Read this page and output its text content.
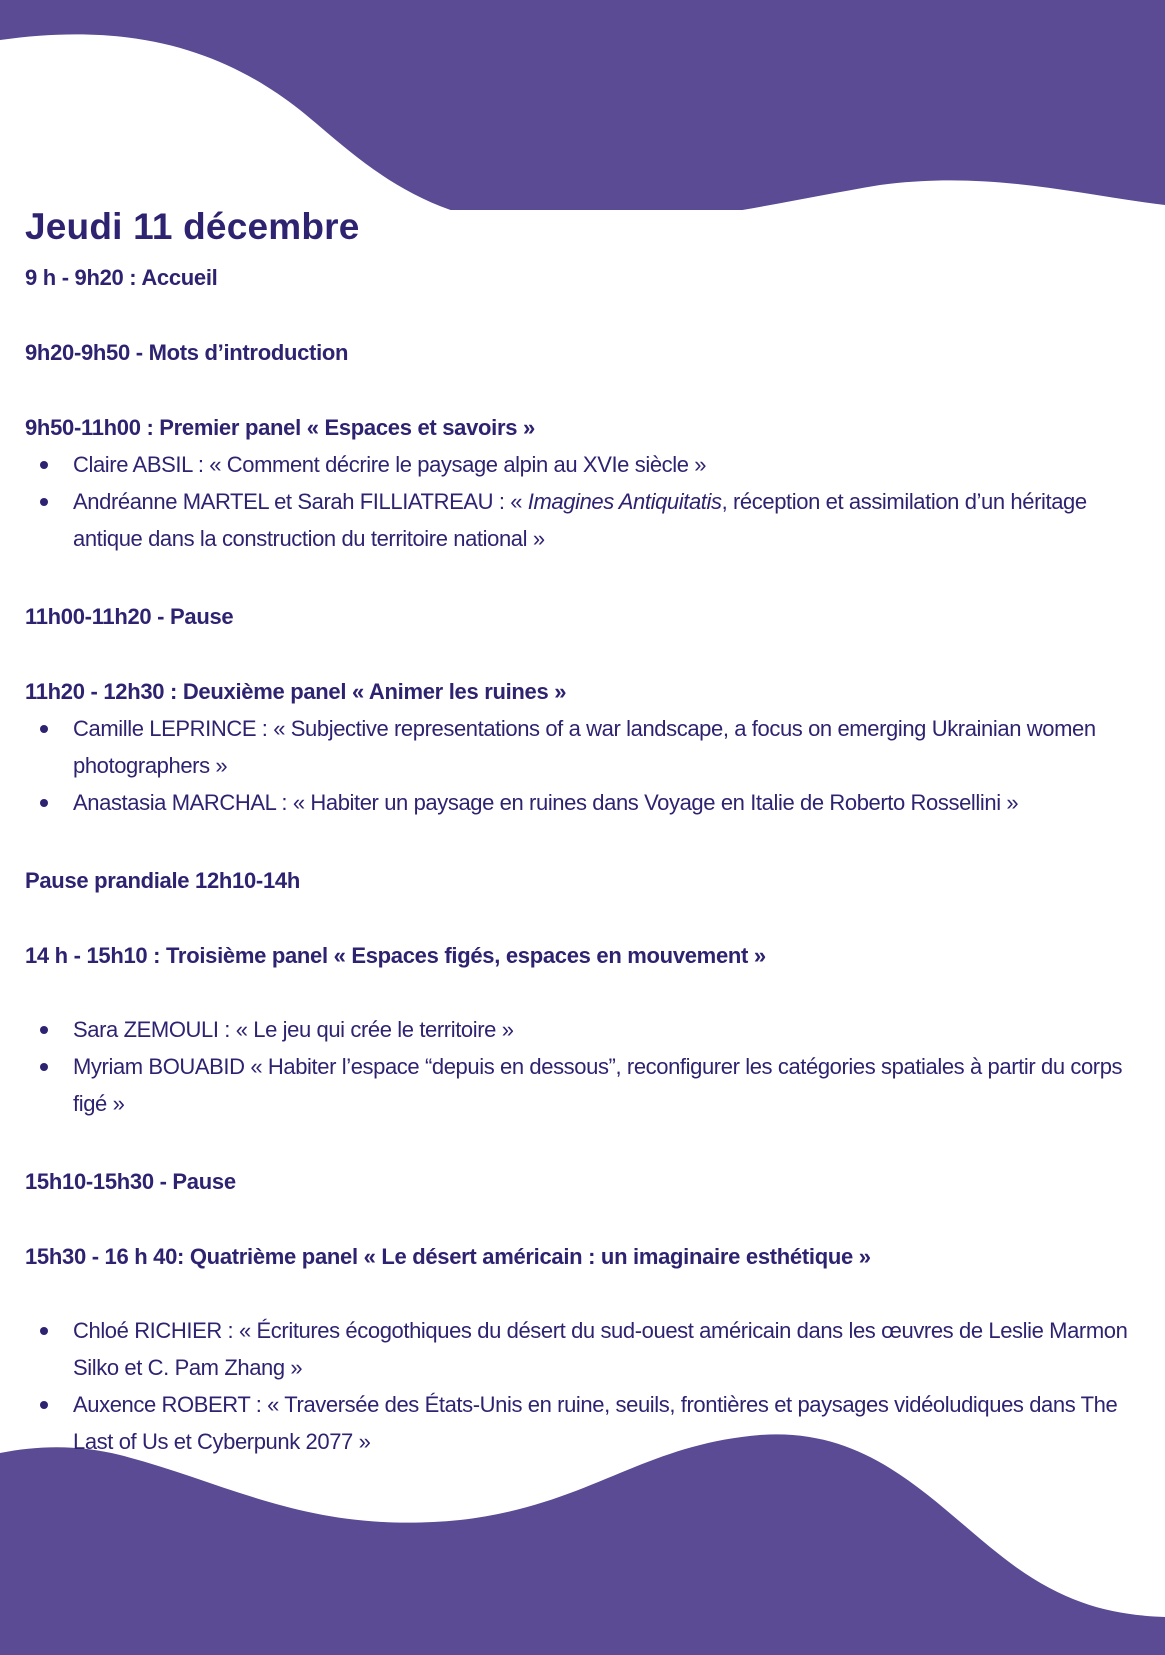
Jeudi 11 décembre

9 h - 9h20 : Accueil

9h20-9h50 - Mots d’introduction

9h50-11h00 : Premier panel « Espaces et savoirs »

Claire ABSIL : « Comment décrire le paysage alpin au XVIe siècle »
Andréanne MARTEL et Sarah FILLIATREAU : « Imagines Antiquitatis, réception et assimilation d’un héritage antique dans la construction du territoire national »

11h00-11h20 - Pause

11h20 - 12h30 : Deuxième panel « Animer les ruines »

Camille LEPRINCE : « Subjective representations of a war landscape, a focus on emerging Ukrainian women photographers »
Anastasia MARCHAL : « Habiter un paysage en ruines dans Voyage en Italie de Roberto Rossellini »

Pause prandiale 12h10-14h

14 h - 15h10 : Troisième panel « Espaces figés, espaces en mouvement »

Sara ZEMOULI : « Le jeu qui crée le territoire »
Myriam BOUABID « Habiter l’espace “depuis en dessous”, reconfigurer les catégories spatiales à partir du corps figé »

15h10-15h30 - Pause

15h30 - 16 h 40: Quatrième panel « Le désert américain : un imaginaire esthétique »

Chloé RICHIER : « Écritures écogothiques du désert du sud-ouest américain dans les œuvres de Leslie Marmon Silko et C. Pam Zhang »
Auxence ROBERT : « Traversée des États-Unis en ruine, seuils, frontières et paysages vidéoludiques dans The Last of Us et Cyberpunk 2077 »
